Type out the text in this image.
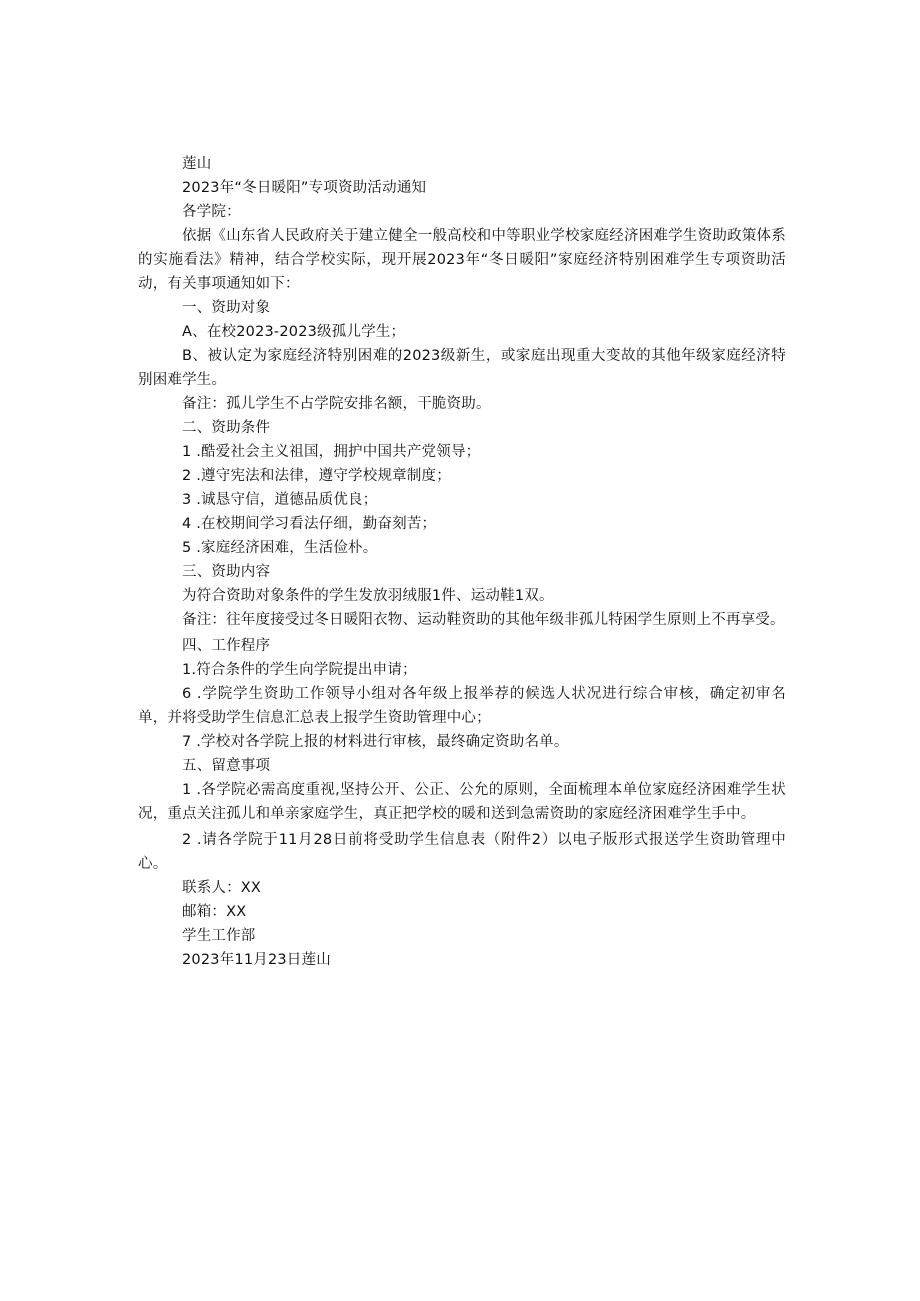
莲山
2023年“冬日暖阳”专项资助活动通知
各学院：
依据《山东省人民政府关于建立健全一般高校和中等职业学校家庭经济困难学生资助政策体系的实施看法》精神，结合学校实际，现开展2023年“冬日暖阳”家庭经济特别困难学生专项资助活动，有关事项通知如下：
一、资助对象
A、在校2023-2023级孤儿学生；
B、被认定为家庭经济特别困难的2023级新生，或家庭出现重大变故的其他年级家庭经济特别困难学生。
备注：孤儿学生不占学院安排名额，干脆资助。
二、资助条件
1 .酷爱社会主义祖国，拥护中国共产党领导；
2 .遵守宪法和法律，遵守学校规章制度；
3 .诚恳守信，道德品质优良；
4 .在校期间学习看法仔细，勤奋刻苦；
5 .家庭经济困难，生活俭朴。
三、资助内容
为符合资助对象条件的学生发放羽绒服1件、运动鞋1双。
备注：往年度接受过冬日暖阳衣物、运动鞋资助的其他年级非孤儿特困学生原则上不再享受。
四、工作程序
1.符合条件的学生向学院提出申请；
6 .学院学生资助工作领导小组对各年级上报举荐的候选人状况进行综合审核，确定初审名单，并将受助学生信息汇总表上报学生资助管理中心；
7 .学校对各学院上报的材料进行审核，最终确定资助名单。
五、留意事项
1 .各学院必需高度重视,坚持公开、公正、公允的原则，全面梳理本单位家庭经济困难学生状况，重点关注孤儿和单亲家庭学生，真正把学校的暖和送到急需资助的家庭经济困难学生手中。
2 .请各学院于11月28日前将受助学生信息表（附件2）以电子版形式报送学生资助管理中心。
联系人：XX
邮箱：XX
学生工作部
2023年11月23日莲山
